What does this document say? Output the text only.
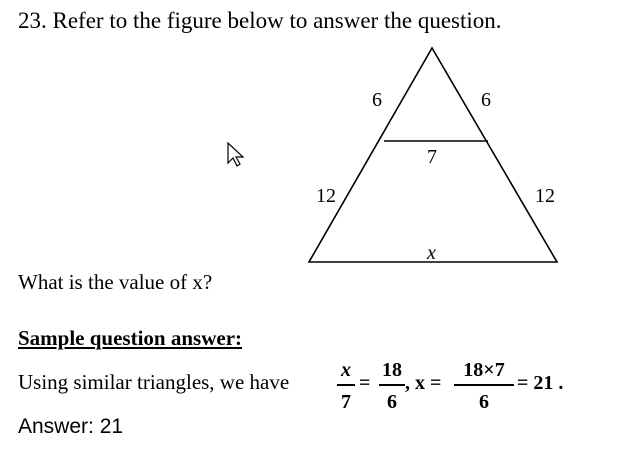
23. Refer to the figure below to answer the question.
6	6
7
12	12
x
What is the value of x?
Sample question answer:
Using similar triangles, we have	x
7
=
18
6
, x =
18×7
6
= 21 .
Answer: 21
